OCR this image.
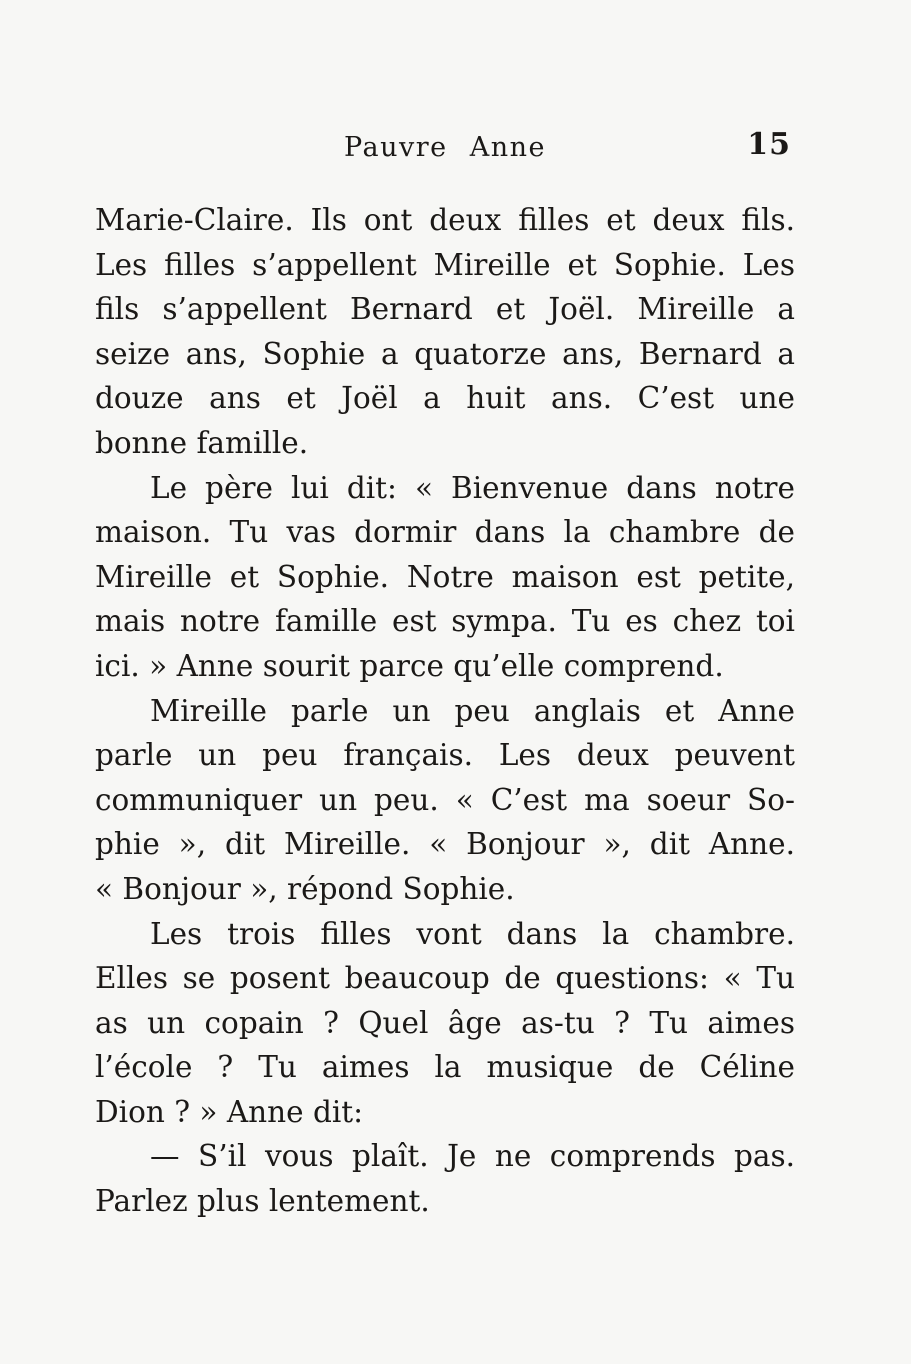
Pauvre Anne	15
Marie-Claire. Ils ont deux filles et deux fils.
Les filles s’appellent Mireille et Sophie. Les
fils s’appellent Bernard et Joël. Mireille a
seize ans, Sophie a quatorze ans, Bernard a
douze ans et Joël a huit ans. C’est une
bonne famille.
Le père lui dit: « Bienvenue dans notre
maison. Tu vas dormir dans la chambre de
Mireille et Sophie. Notre maison est petite,
mais notre famille est sympa. Tu es chez toi
ici. » Anne sourit parce qu’elle comprend.
Mireille parle un peu anglais et Anne
parle un peu français. Les deux peuvent
communiquer un peu. « C’est ma soeur So-
phie », dit Mireille. « Bonjour », dit Anne.
« Bonjour », répond Sophie.
Les trois filles vont dans la chambre.
Elles se posent beaucoup de questions: « Tu
as un copain ? Quel âge as-tu ? Tu aimes
l’école ? Tu aimes la musique de Céline
Dion ? » Anne dit:
— S’il vous plaît. Je ne comprends pas.
Parlez plus lentement.
